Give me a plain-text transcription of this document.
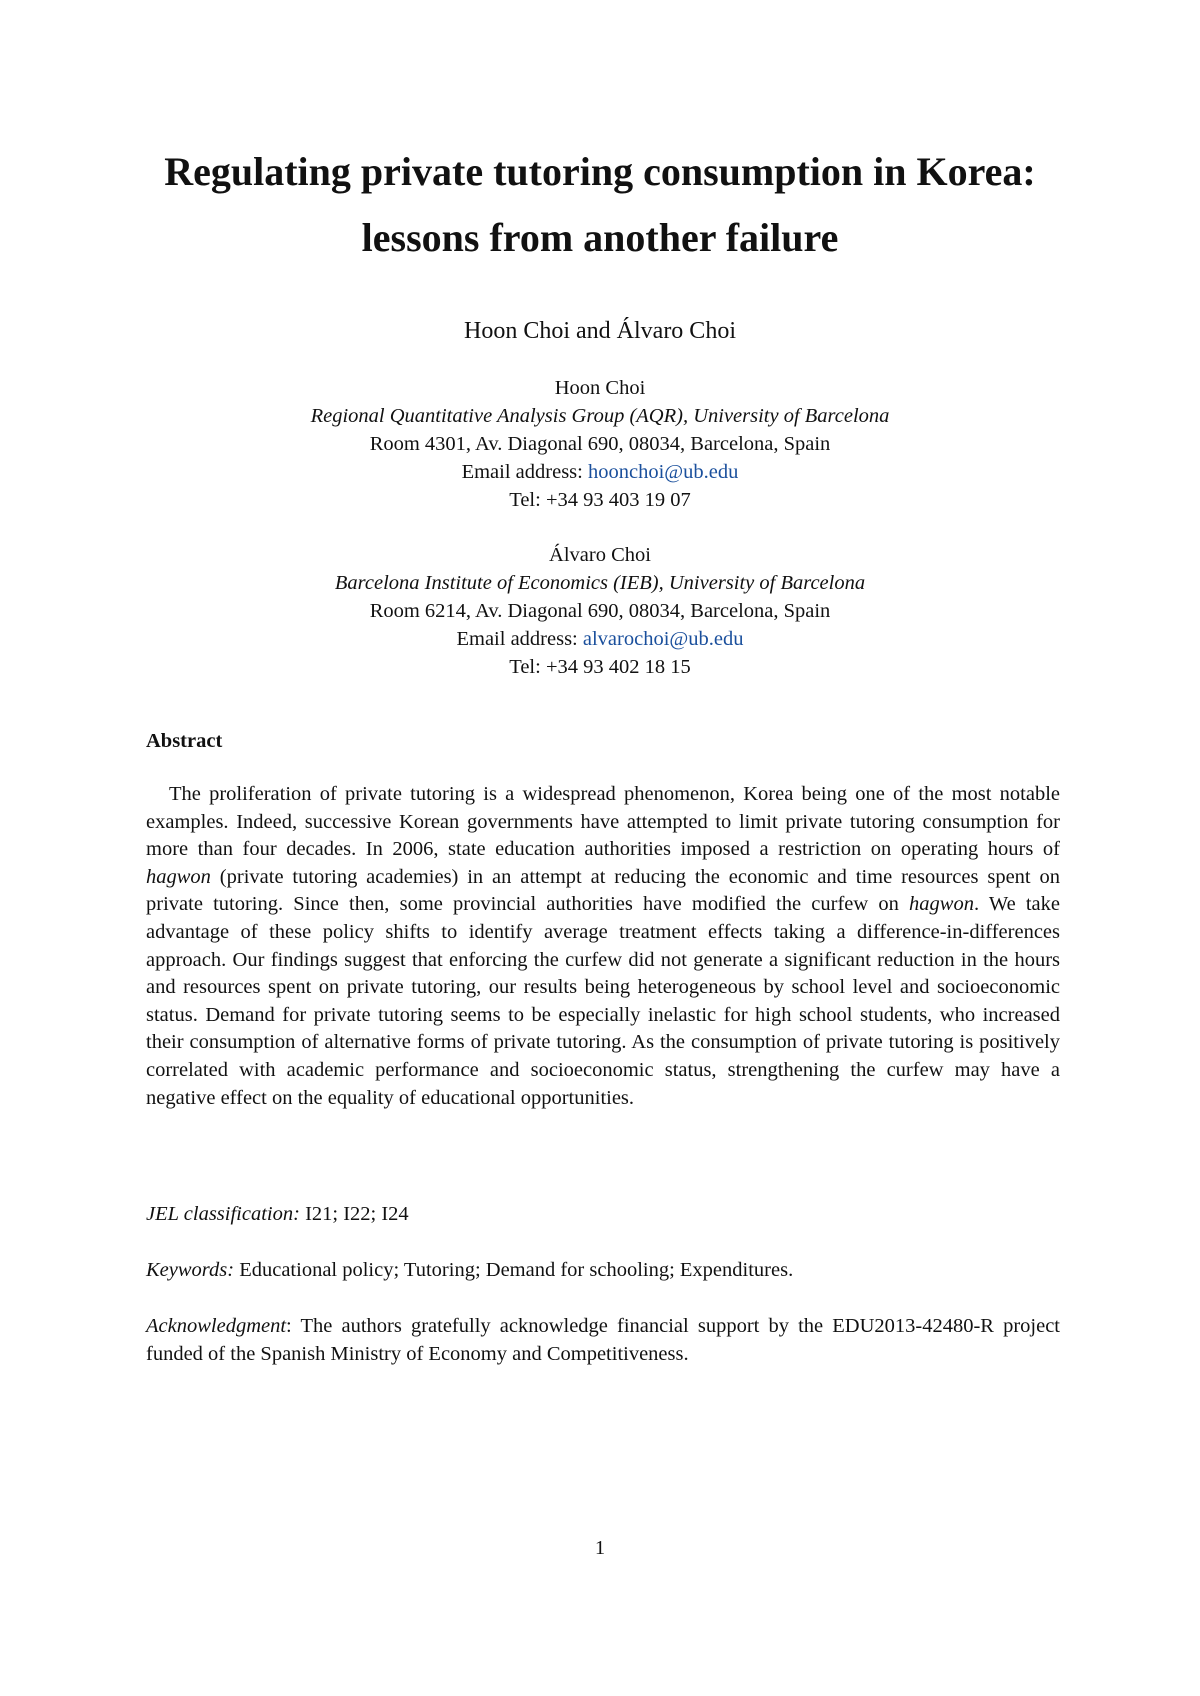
Regulating private tutoring consumption in Korea:
lessons from another failure
Hoon Choi and Álvaro Choi
Hoon Choi
Regional Quantitative Analysis Group (AQR), University of Barcelona
Room 4301, Av. Diagonal 690, 08034, Barcelona, Spain
Email address: hoonchoi@ub.edu
Tel: +34 93 403 19 07
Álvaro Choi
Barcelona Institute of Economics (IEB), University of Barcelona
Room 6214, Av. Diagonal 690, 08034, Barcelona, Spain
Email address: alvarochoi@ub.edu
Tel: +34 93 402 18 15
Abstract

The proliferation of private tutoring is a widespread phenomenon, Korea being one of the most notable examples. Indeed, successive Korean governments have attempted to limit private tutoring consumption for more than four decades. In 2006, state education authorities imposed a restriction on operating hours of hagwon (private tutoring academies) in an attempt at reducing the economic and time resources spent on private tutoring. Since then, some provincial authorities have modified the curfew on hagwon. We take advantage of these policy shifts to identify average treatment effects taking a difference-in-differences approach. Our findings suggest that enforcing the curfew did not generate a significant reduction in the hours and resources spent on private tutoring, our results being heterogeneous by school level and socioeconomic status. Demand for private tutoring seems to be especially inelastic for high school students, who increased their consumption of alternative forms of private tutoring. As the consumption of private tutoring is positively correlated with academic performance and socioeconomic status, strengthening the curfew may have a negative effect on the equality of educational opportunities.

JEL classification: I21; I22; I24

Keywords: Educational policy; Tutoring; Demand for schooling; Expenditures.

Acknowledgment: The authors gratefully acknowledge financial support by the EDU2013-42480-R project funded of the Spanish Ministry of Economy and Competitiveness.

1
